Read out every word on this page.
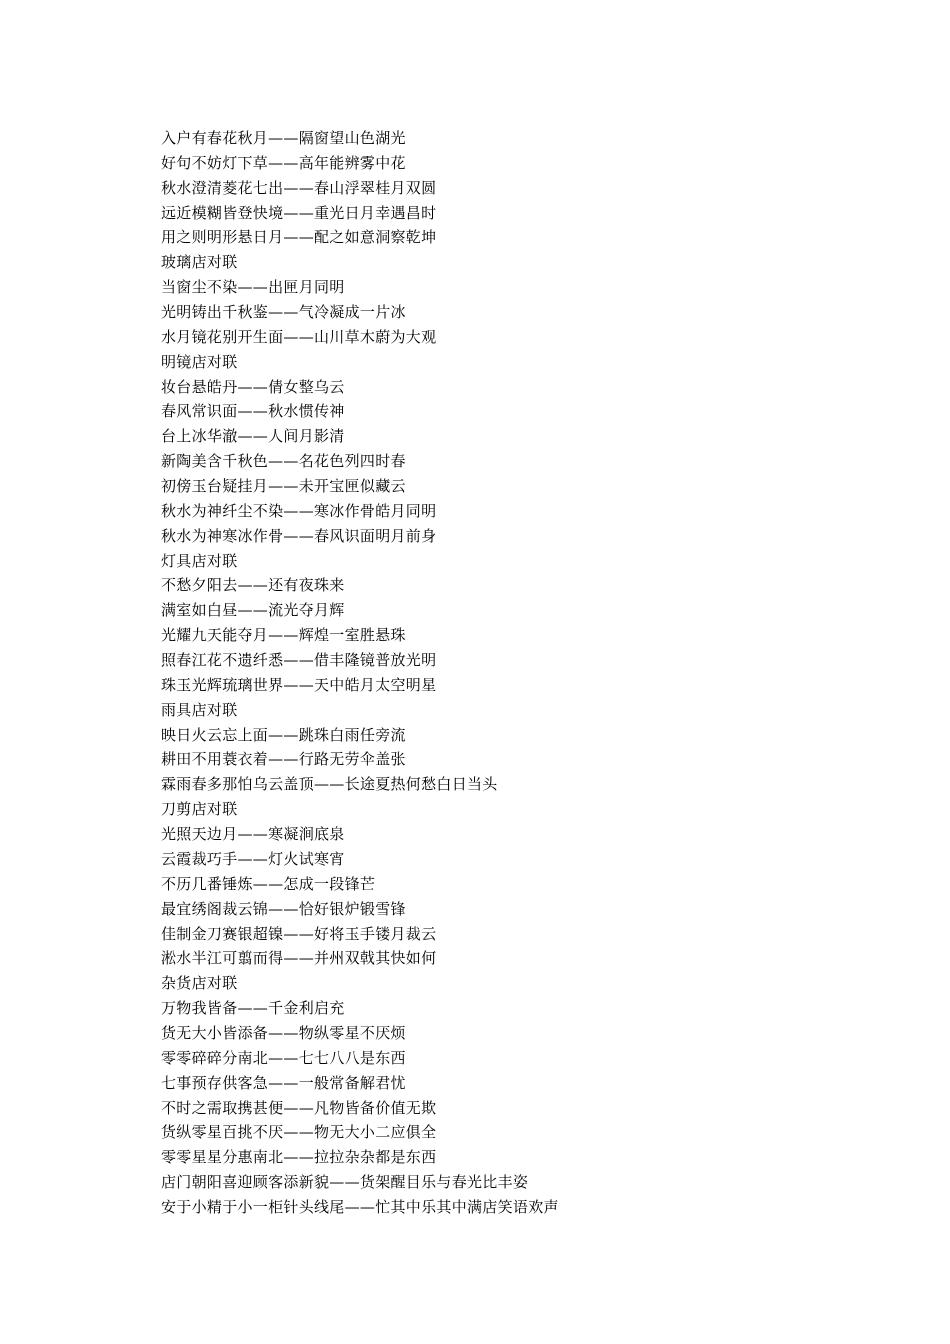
入户有春花秋月——隔窗望山色湖光
好句不妨灯下草——高年能辨雾中花
秋水澄清菱花七出——春山浮翠桂月双圆
远近模糊皆登快境——重光日月幸遇昌时
用之则明形悬日月——配之如意洞察乾坤
玻璃店对联
当窗尘不染——出匣月同明
光明铸出千秋鉴——气冷凝成一片冰
水月镜花别开生面——山川草木蔚为大观
明镜店对联
妆台悬皓丹——倩女整乌云
春风常识面——秋水惯传神
台上冰华澈——人间月影清
新陶美含千秋色——名花色列四时春
初傍玉台疑挂月——未开宝匣似藏云
秋水为神纤尘不染——寒冰作骨皓月同明
秋水为神寒冰作骨——春风识面明月前身
灯具店对联
不愁夕阳去——还有夜珠来
满室如白昼——流光夺月辉
光耀九天能夺月——辉煌一室胜悬珠
照春江花不遗纤悉——借丰隆镜普放光明
珠玉光辉琉璃世界——天中皓月太空明星
雨具店对联
映日火云忘上面——跳珠白雨任旁流
耕田不用蓑衣着——行路无劳伞盖张
霖雨春多那怕乌云盖顶——长途夏热何愁白日当头
刀剪店对联
光照天边月——寒凝涧底泉
云霞裁巧手——灯火试寒宵
不历几番锤炼——怎成一段锋芒
最宜绣阁裁云锦——恰好银炉锻雪锋
佳制金刀赛银超镍——好将玉手镂月裁云
淞水半江可翦而得——并州双戟其快如何
杂货店对联
万物我皆备——千金利启充
货无大小皆添备——物纵零星不厌烦
零零碎碎分南北——七七八八是东西
七事预存供客急——一般常备解君忧
不时之需取携甚便——凡物皆备价值无欺
货纵零星百挑不厌——物无大小二应俱全
零零星星分惠南北——拉拉杂杂都是东西
店门朝阳喜迎顾客添新貌——货架醒目乐与春光比丰姿
安于小精于小一柜针头线尾——忙其中乐其中满店笑语欢声
